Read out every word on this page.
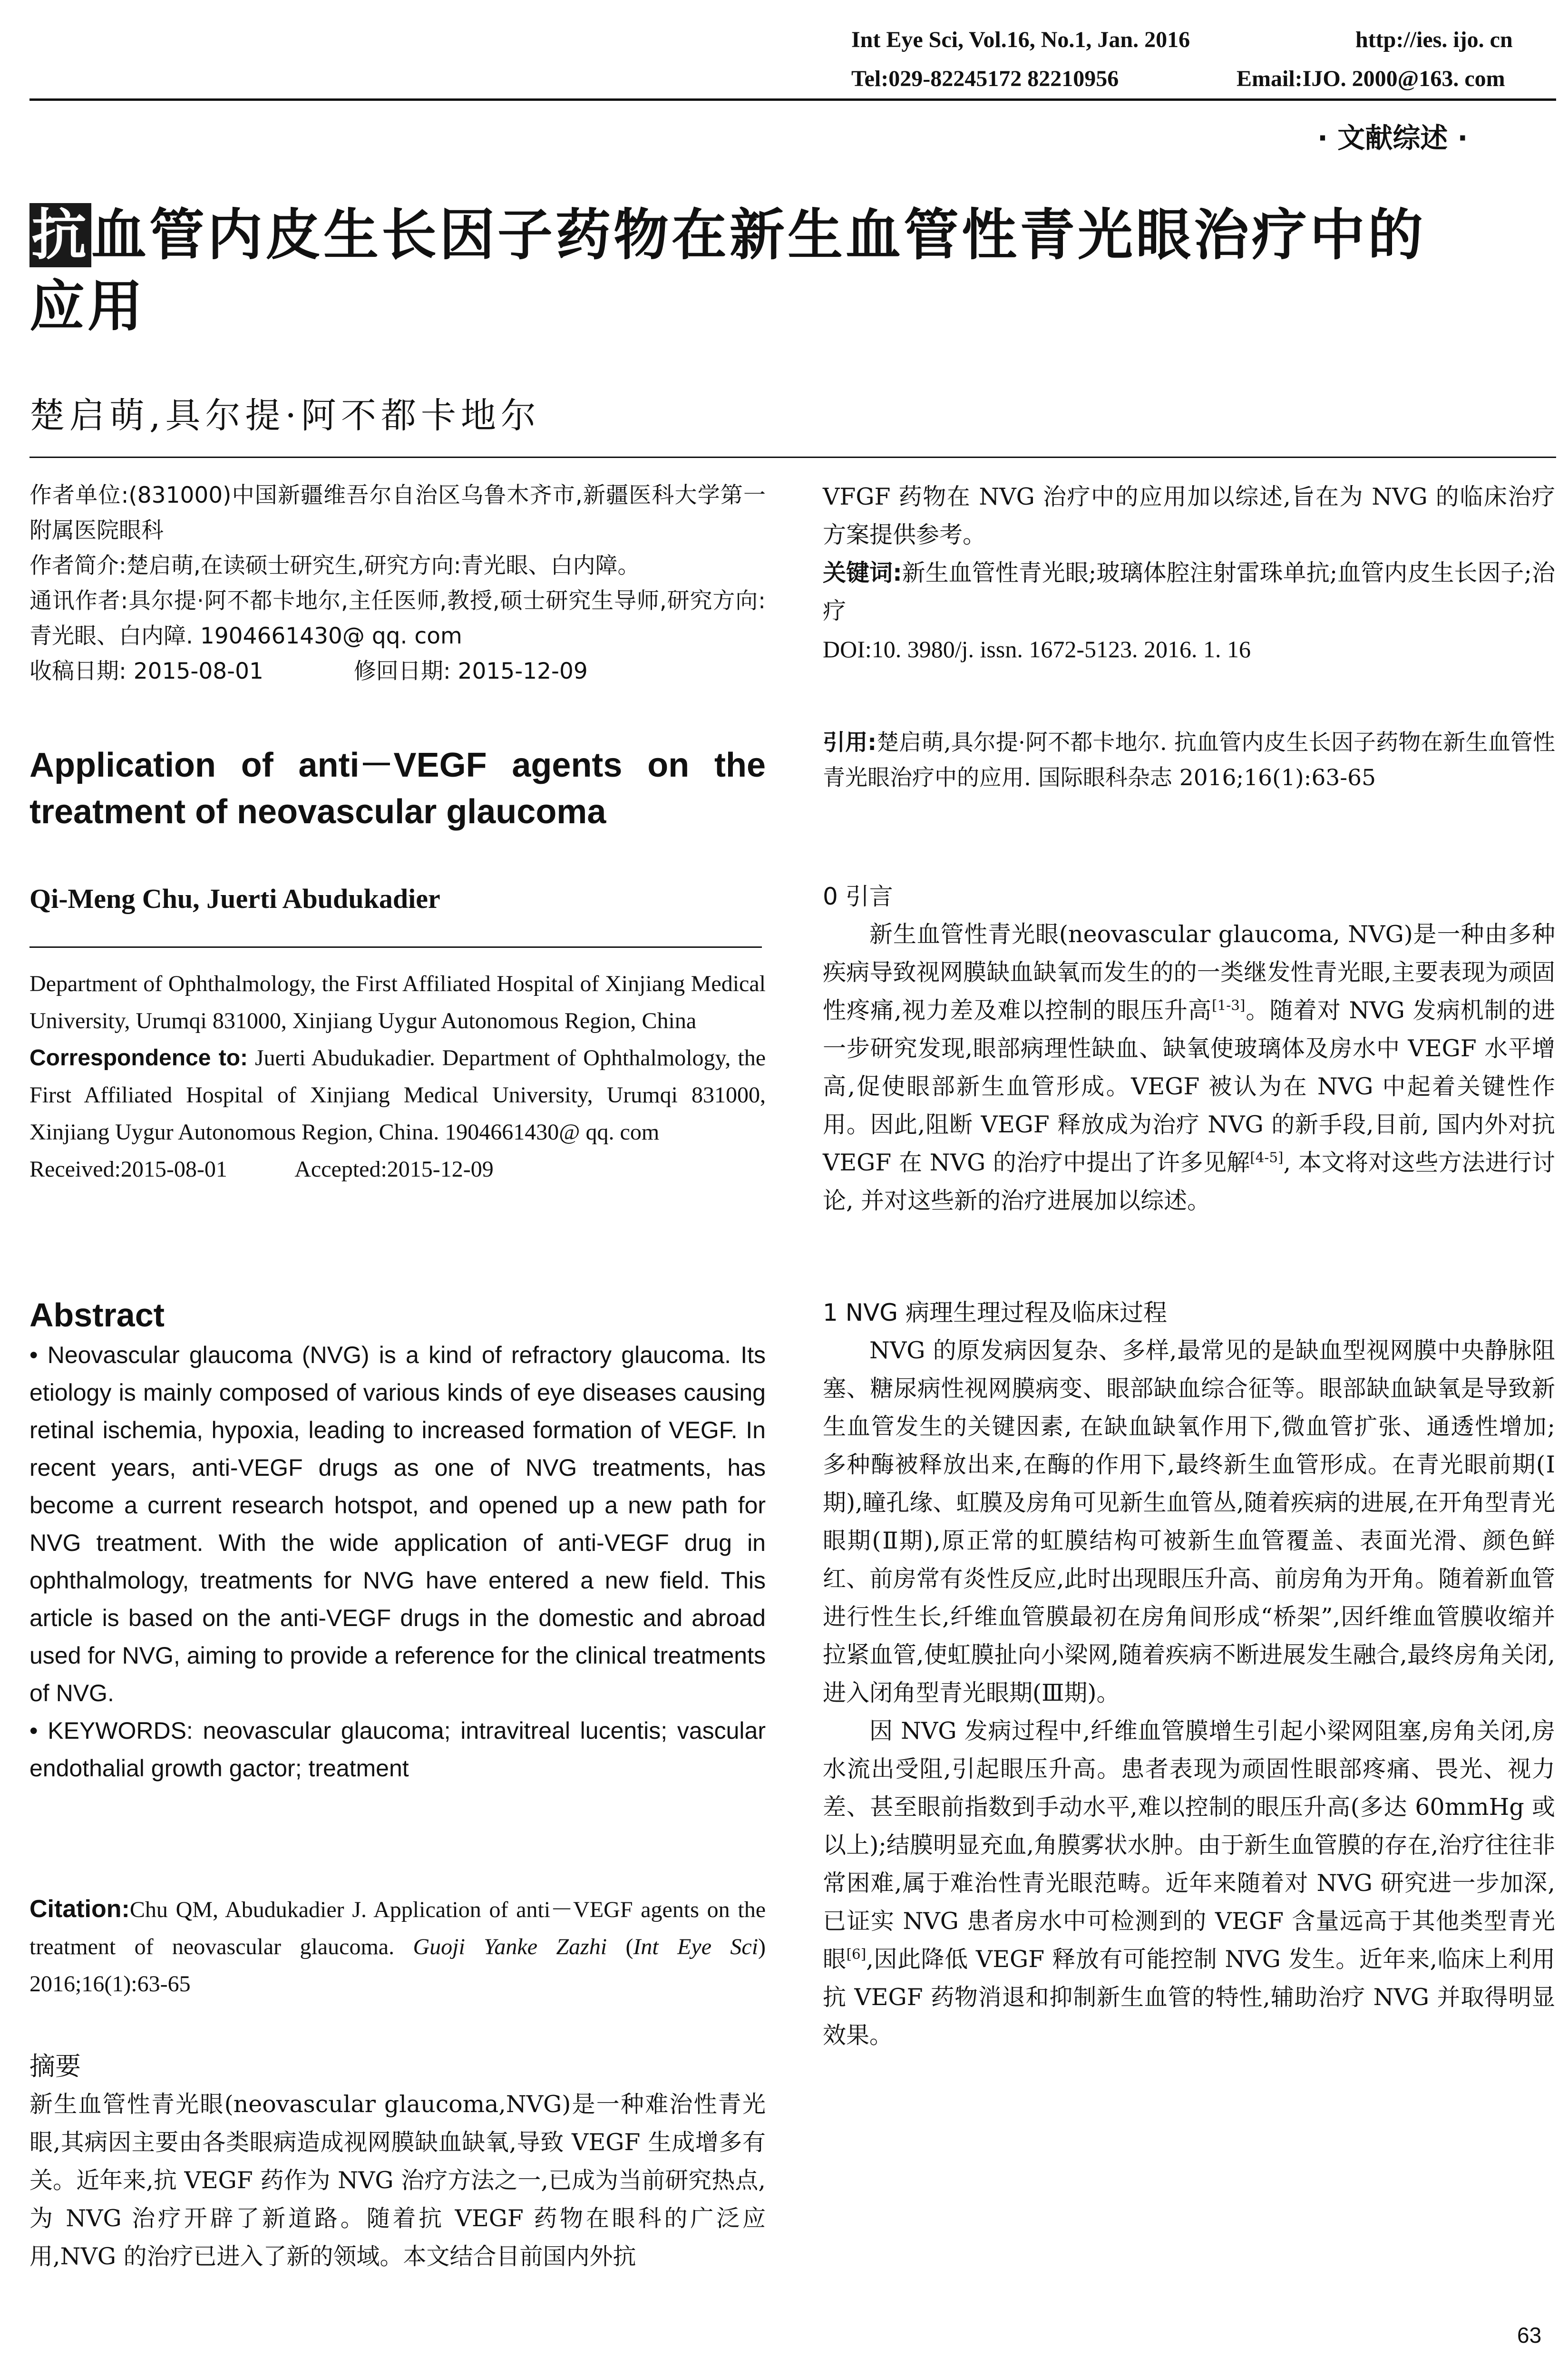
Int Eye Sci, Vol.16, No.1, Jan. 2016	http://ies. ijo. cn
Tel:029-82245172 82210956	Email:IJO. 2000@163. com
· 文献综述 ·
抗血管内皮生长因子药物在新生血管性青光眼治疗中的
应用
楚启萌,具尔提·阿不都卡地尔

作者单位:(831000)中国新疆维吾尔自治区乌鲁木齐市,新疆医科大学第一附属医院眼科

作者简介:楚启萌,在读硕士研究生,研究方向:青光眼、白内障。

通讯作者:具尔提·阿不都卡地尔,主任医师,教授,硕士研究生导师,研究方向:青光眼、白内障. 1904661430@ qq. com

收稿日期: 2015-08-01	修回日期: 2015-12-09

Application of anti－VEGF agents on the
treatment of neovascular glaucoma
Qi-Meng Chu, Juerti Abudukadier

Department of Ophthalmology, the First Affiliated Hospital of Xinjiang Medical University, Urumqi 831000, Xinjiang Uygur Autonomous Region, China

Correspondence to: Juerti Abudukadier. Department of Ophthalmology, the First Affiliated Hospital of Xinjiang Medical University, Urumqi 831000, Xinjiang Uygur Autonomous Region, China. 1904661430@ qq. com

Received:2015-08-01	Accepted:2015-12-09

Abstract

• Neovascular glaucoma (NVG) is a kind of refractory glaucoma. Its etiology is mainly composed of various kinds of eye diseases causing retinal ischemia, hypoxia, leading to increased formation of VEGF. In recent years, anti-VEGF drugs as one of NVG treatments, has become a current research hotspot, and opened up a new path for NVG treatment. With the wide application of anti-VEGF drug in ophthalmology, treatments for NVG have entered a new field. This article is based on the anti-VEGF drugs in the domestic and abroad used for NVG, aiming to provide a reference for the clinical treatments of NVG.

• KEYWORDS: neovascular glaucoma; intravitreal lucentis; vascular endothalial growth gactor; treatment

Citation:Chu QM, Abudukadier J. Application of anti－VEGF agents on the treatment of neovascular glaucoma. Guoji Yanke Zazhi (Int Eye Sci) 2016;16(1):63-65

摘要

新生血管性青光眼(neovascular glaucoma,NVG)是一种难治性青光眼,其病因主要由各类眼病造成视网膜缺血缺氧,导致 VEGF 生成增多有关。近年来,抗 VEGF 药作为 NVG 治疗方法之一,已成为当前研究热点,为 NVG 治疗开辟了新道路。随着抗 VEGF 药物在眼科的广泛应用,NVG 的治疗已进入了新的领域。本文结合目前国内外抗

VFGF 药物在 NVG 治疗中的应用加以综述,旨在为 NVG 的临床治疗方案提供参考。

关键词:新生血管性青光眼;玻璃体腔注射雷珠单抗;血管内皮生长因子;治疗

DOI:10. 3980/j. issn. 1672-5123. 2016. 1. 16

引用:楚启萌,具尔提·阿不都卡地尔. 抗血管内皮生长因子药物在新生血管性青光眼治疗中的应用. 国际眼科杂志 2016;16(1):63-65

0 引言

新生血管性青光眼(neovascular glaucoma, NVG)是一种由多种疾病导致视网膜缺血缺氧而发生的的一类继发性青光眼,主要表现为顽固性疼痛,视力差及难以控制的眼压升高[1-3]。随着对 NVG 发病机制的进一步研究发现,眼部病理性缺血、缺氧使玻璃体及房水中 VEGF 水平增高,促使眼部新生血管形成。VEGF 被认为在 NVG 中起着关键性作用。因此,阻断 VEGF 释放成为治疗 NVG 的新手段,目前, 国内外对抗 VEGF 在 NVG 的治疗中提出了许多见解[4-5], 本文将对这些方法进行讨论, 并对这些新的治疗进展加以综述。

1 NVG 病理生理过程及临床过程

NVG 的原发病因复杂、多样,最常见的是缺血型视网膜中央静脉阻塞、糖尿病性视网膜病变、眼部缺血综合征等。眼部缺血缺氧是导致新生血管发生的关键因素, 在缺血缺氧作用下,微血管扩张、通透性增加; 多种酶被释放出来,在酶的作用下,最终新生血管形成。在青光眼前期(Ⅰ期),瞳孔缘、虹膜及房角可见新生血管丛,随着疾病的进展,在开角型青光眼期(Ⅱ期),原正常的虹膜结构可被新生血管覆盖、表面光滑、颜色鲜红、前房常有炎性反应,此时出现眼压升高、前房角为开角。随着新血管进行性生长,纤维血管膜最初在房角间形成“桥架”,因纤维血管膜收缩并拉紧血管,使虹膜扯向小梁网,随着疾病不断进展发生融合,最终房角关闭, 进入闭角型青光眼期(Ⅲ期)。

因 NVG 发病过程中,纤维血管膜增生引起小梁网阻塞,房角关闭,房水流出受阻,引起眼压升高。患者表现为顽固性眼部疼痛、畏光、视力差、甚至眼前指数到手动水平,难以控制的眼压升高(多达 60mmHg 或以上);结膜明显充血,角膜雾状水肿。由于新生血管膜的存在,治疗往往非常困难,属于难治性青光眼范畴。近年来随着对 NVG 研究进一步加深,已证实 NVG 患者房水中可检测到的 VEGF 含量远高于其他类型青光眼[6],因此降低 VEGF 释放有可能控制 NVG 发生。近年来,临床上利用抗 VEGF 药物消退和抑制新生血管的特性,辅助治疗 NVG 并取得明显效果。

63
